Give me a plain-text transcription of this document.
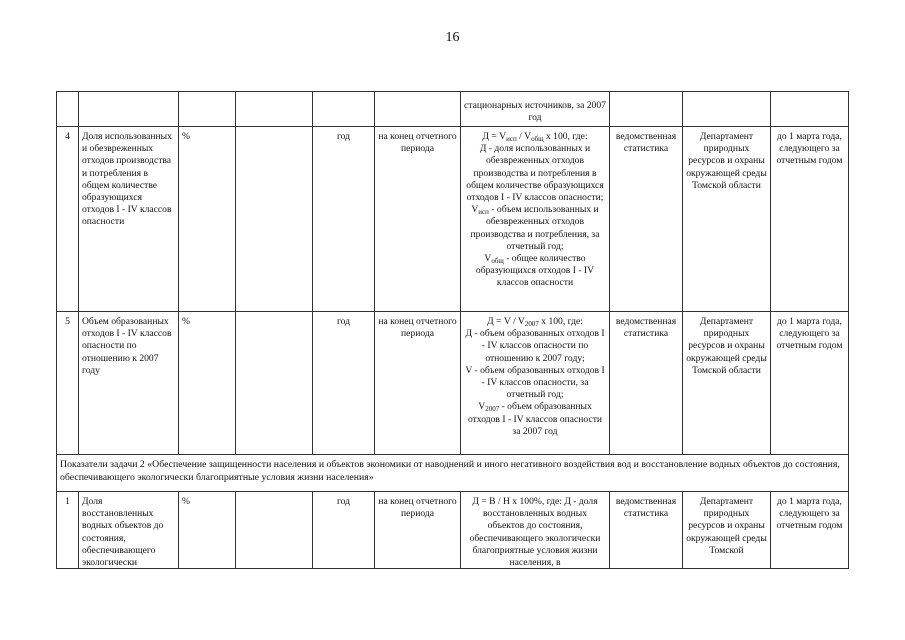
16
						стационарных источников, за 2007 год			
4	Доля использованных и обезвреженных отходов производства и потребления в общем количестве образующихся отходов I - IV классов опасности	%		год	на конец отчетного периода	$Д = V_{исп} / V_{общ}$ х 100, где:
Д - доля использованных и обезвреженных отходов производства и потребления в общем количестве образующихся отходов I - IV классов опасности;
$V_{исп}$ - объем использованных и обезвреженных отходов производства и потребления, за отчетный год;
$V_{общ}$ - общее количество образующихся отходов I - IV классов опасности	ведомственная статистика	Департамент природных ресурсов и охраны окружающей среды Томской области	до 1 марта года, следующего за отчетным годом
5	Объем образованных отходов I - IV классов опасности по отношению к 2007 году	%		год	на конец отчетного периода	$Д = V / V_{2007}$ х 100, где:
Д - объем образованных отходов I - IV классов опасности по отношению к 2007 году;
V - объем образованных отходов I - IV классов опасности, за отчетный год;
$V_{2007}$ - объем образованных отходов I - IV классов опасности за 2007 год	ведомственная статистика	Департамент природных ресурсов и охраны окружающей среды Томской области	до 1 марта года, следующего за отчетным годом
Показатели задачи 2 «Обеспечение защищенности населения и объектов экономики от наводнений и иного негативного воздействия вод и восстановление водных объектов до состояния, обеспечивающего экологически благоприятные условия жизни населения»									
1	Доля восстановленных водных объектов до состояния, обеспечивающего экологически	%		год	на конец отчетного периода	Д = В / Н х 100%, где: Д - доля восстановленных водных объектов до состояния, обеспечивающего экологически благоприятные условия жизни населения, в	ведомственная статистика	Департамент природных ресурсов и охраны окружающей среды Томской	до 1 марта года, следующего за отчетным годом
